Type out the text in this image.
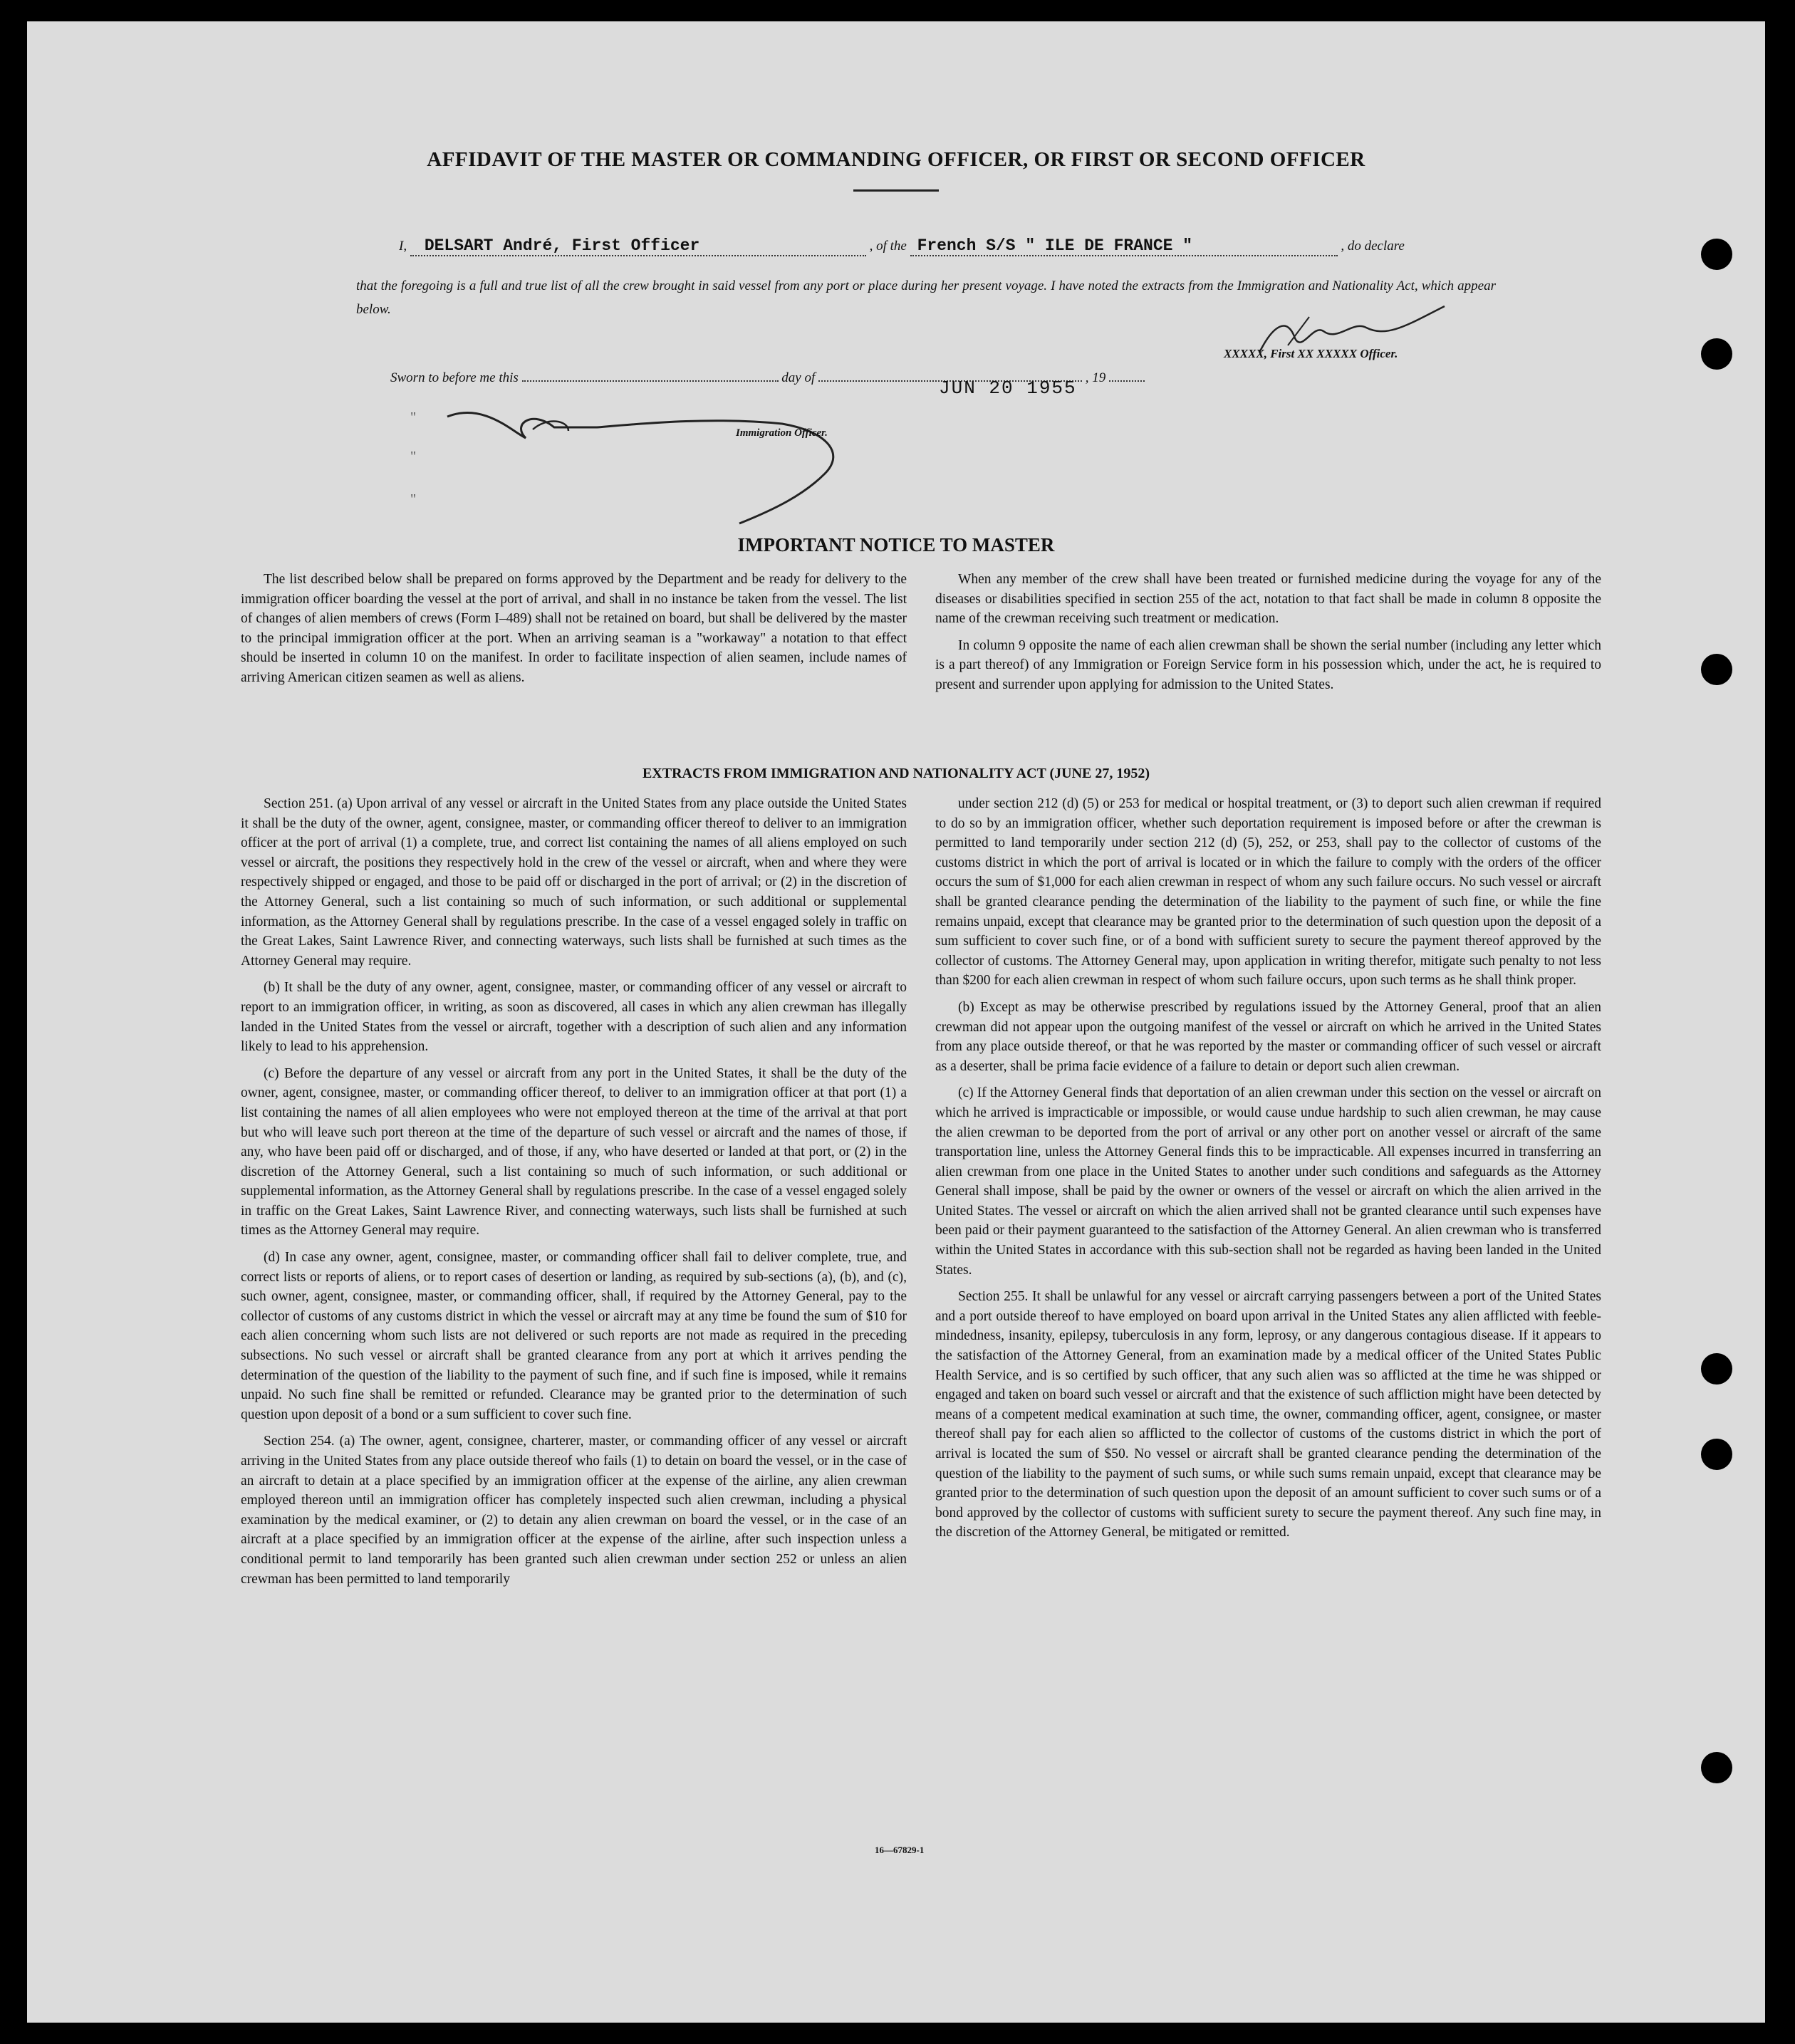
AFFIDAVIT OF THE MASTER OR COMMANDING OFFICER, OR FIRST OR SECOND OFFICER
I, DELSART André, First Officer	, of the French S/S " ILE DE FRANCE "	, do declare
that the foregoing is a full and true list of all the crew brought in said vessel from any port or place during her present voyage. I have noted the extracts from the Immigration and Nationality Act, which appear below.
XXXXX, First XX XXXXX Officer.
Sworn to before me this	day of	, 19
JUN 20 1955
Immigration Officer.
"
"
"
IMPORTANT NOTICE TO MASTER

The list described below shall be prepared on forms approved by the Department and be ready for delivery to the immigration officer boarding the vessel at the port of arrival, and shall in no instance be taken from the vessel. The list of changes of alien members of crews (Form I–489) shall not be retained on board, but shall be delivered by the master to the principal immigration officer at the port. When an arriving seaman is a "workaway" a notation to that effect should be inserted in column 10 on the manifest. In order to facilitate inspection of alien seamen, include names of arriving American citizen seamen as well as aliens.

When any member of the crew shall have been treated or furnished medicine during the voyage for any of the diseases or disabilities specified in section 255 of the act, notation to that fact shall be made in column 8 opposite the name of the crewman receiving such treatment or medication.

In column 9 opposite the name of each alien crewman shall be shown the serial number (including any letter which is a part thereof) of any Immigration or Foreign Service form in his possession which, under the act, he is required to present and surrender upon applying for admission to the United States.

EXTRACTS FROM IMMIGRATION AND NATIONALITY ACT (JUNE 27, 1952)

Section 251. (a) Upon arrival of any vessel or aircraft in the United States from any place outside the United States it shall be the duty of the owner, agent, consignee, master, or commanding officer thereof to deliver to an immigration officer at the port of arrival (1) a complete, true, and correct list containing the names of all aliens employed on such vessel or aircraft, the positions they respectively hold in the crew of the vessel or aircraft, when and where they were respectively shipped or engaged, and those to be paid off or discharged in the port of arrival; or (2) in the discretion of the Attorney General, such a list containing so much of such information, or such additional or supplemental information, as the Attorney General shall by regulations prescribe. In the case of a vessel engaged solely in traffic on the Great Lakes, Saint Lawrence River, and connecting waterways, such lists shall be furnished at such times as the Attorney General may require.

(b) It shall be the duty of any owner, agent, consignee, master, or commanding officer of any vessel or aircraft to report to an immigration officer, in writing, as soon as discovered, all cases in which any alien crewman has illegally landed in the United States from the vessel or aircraft, together with a description of such alien and any information likely to lead to his apprehension.

(c) Before the departure of any vessel or aircraft from any port in the United States, it shall be the duty of the owner, agent, consignee, master, or commanding officer thereof, to deliver to an immigration officer at that port (1) a list containing the names of all alien employees who were not employed thereon at the time of the arrival at that port but who will leave such port thereon at the time of the departure of such vessel or aircraft and the names of those, if any, who have been paid off or discharged, and of those, if any, who have deserted or landed at that port, or (2) in the discretion of the Attorney General, such a list containing so much of such information, or such additional or supplemental information, as the Attorney General shall by regulations prescribe. In the case of a vessel engaged solely in traffic on the Great Lakes, Saint Lawrence River, and connecting waterways, such lists shall be furnished at such times as the Attorney General may require.

(d) In case any owner, agent, consignee, master, or commanding officer shall fail to deliver complete, true, and correct lists or reports of aliens, or to report cases of desertion or landing, as required by sub-sections (a), (b), and (c), such owner, agent, consignee, master, or commanding officer, shall, if required by the Attorney General, pay to the collector of customs of any customs district in which the vessel or aircraft may at any time be found the sum of $10 for each alien concerning whom such lists are not delivered or such reports are not made as required in the preceding subsections. No such vessel or aircraft shall be granted clearance from any port at which it arrives pending the determination of the question of the liability to the payment of such fine, and if such fine is imposed, while it remains unpaid. No such fine shall be remitted or refunded. Clearance may be granted prior to the determination of such question upon deposit of a bond or a sum sufficient to cover such fine.

Section 254. (a) The owner, agent, consignee, charterer, master, or commanding officer of any vessel or aircraft arriving in the United States from any place outside thereof who fails (1) to detain on board the vessel, or in the case of an aircraft to detain at a place specified by an immigration officer at the expense of the airline, any alien crewman employed thereon until an immigration officer has completely inspected such alien crewman, including a physical examination by the medical examiner, or (2) to detain any alien crewman on board the vessel, or in the case of an aircraft at a place specified by an immigration officer at the expense of the airline, after such inspection unless a conditional permit to land temporarily has been granted such alien crewman under section 252 or unless an alien crewman has been permitted to land temporarily

under section 212 (d) (5) or 253 for medical or hospital treatment, or (3) to deport such alien crewman if required to do so by an immigration officer, whether such deportation requirement is imposed before or after the crewman is permitted to land temporarily under section 212 (d) (5), 252, or 253, shall pay to the collector of customs of the customs district in which the port of arrival is located or in which the failure to comply with the orders of the officer occurs the sum of $1,000 for each alien crewman in respect of whom any such failure occurs. No such vessel or aircraft shall be granted clearance pending the determination of the liability to the payment of such fine, or while the fine remains unpaid, except that clearance may be granted prior to the determination of such question upon the deposit of a sum sufficient to cover such fine, or of a bond with sufficient surety to secure the payment thereof approved by the collector of customs. The Attorney General may, upon application in writing therefor, mitigate such penalty to not less than $200 for each alien crewman in respect of whom such failure occurs, upon such terms as he shall think proper.

(b) Except as may be otherwise prescribed by regulations issued by the Attorney General, proof that an alien crewman did not appear upon the outgoing manifest of the vessel or aircraft on which he arrived in the United States from any place outside thereof, or that he was reported by the master or commanding officer of such vessel or aircraft as a deserter, shall be prima facie evidence of a failure to detain or deport such alien crewman.

(c) If the Attorney General finds that deportation of an alien crewman under this section on the vessel or aircraft on which he arrived is impracticable or impossible, or would cause undue hardship to such alien crewman, he may cause the alien crewman to be deported from the port of arrival or any other port on another vessel or aircraft of the same transportation line, unless the Attorney General finds this to be impracticable. All expenses incurred in transferring an alien crewman from one place in the United States to another under such conditions and safeguards as the Attorney General shall impose, shall be paid by the owner or owners of the vessel or aircraft on which the alien arrived in the United States. The vessel or aircraft on which the alien arrived shall not be granted clearance until such expenses have been paid or their payment guaranteed to the satisfaction of the Attorney General. An alien crewman who is transferred within the United States in accordance with this sub-section shall not be regarded as having been landed in the United States.

Section 255. It shall be unlawful for any vessel or aircraft carrying passengers between a port of the United States and a port outside thereof to have employed on board upon arrival in the United States any alien afflicted with feeble-mindedness, insanity, epilepsy, tuberculosis in any form, leprosy, or any dangerous contagious disease. If it appears to the satisfaction of the Attorney General, from an examination made by a medical officer of the United States Public Health Service, and is so certified by such officer, that any such alien was so afflicted at the time he was shipped or engaged and taken on board such vessel or aircraft and that the existence of such affliction might have been detected by means of a competent medical examination at such time, the owner, commanding officer, agent, consignee, or master thereof shall pay for each alien so afflicted to the collector of customs of the customs district in which the port of arrival is located the sum of $50. No vessel or aircraft shall be granted clearance pending the determination of the question of the liability to the payment of such sums, or while such sums remain unpaid, except that clearance may be granted prior to the determination of such question upon the deposit of an amount sufficient to cover such sums or of a bond approved by the collector of customs with sufficient surety to secure the payment thereof. Any such fine may, in the discretion of the Attorney General, be mitigated or remitted.

16—67829-1
